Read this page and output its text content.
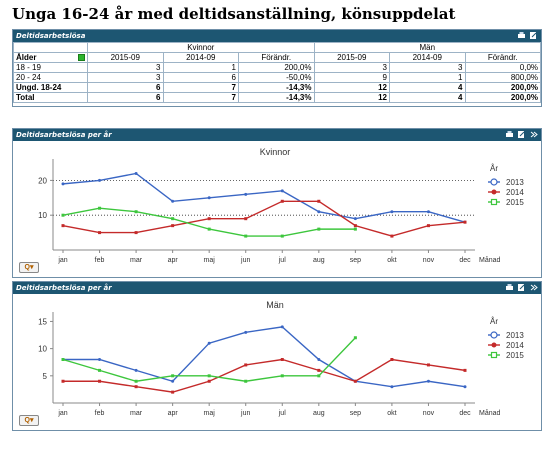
Unga 16-24 år med deltidsanställning, könsuppdelat
Deltidsarbetslösa
	Kvinnor			Män		
Ålder	2015-09	2014-09	Förändr.	2015-09	2014-09	Förändr.
18 - 19	3	1	200,0%	3	3	0,0%
20 - 24	3	6	-50,0%	9	1	800,0%
Ungd. 18-24	6	7	-14,3%	12	4	200,0%
Total	6	7	-14,3%	12	4	200,0%
Deltidsarbetslösa per år
Kvinnor
10
20
jan	feb	mar	apr	maj	jun	jul	aug	sep	okt	nov	dec Månad
År
2013
2014
2015
Q▾
Deltidsarbetslösa per år
Män
5
10
15
jan	feb	mar	apr	maj	jun	jul	aug	sep	okt	nov	dec Månad
År
2013
2014
2015
Q▾
